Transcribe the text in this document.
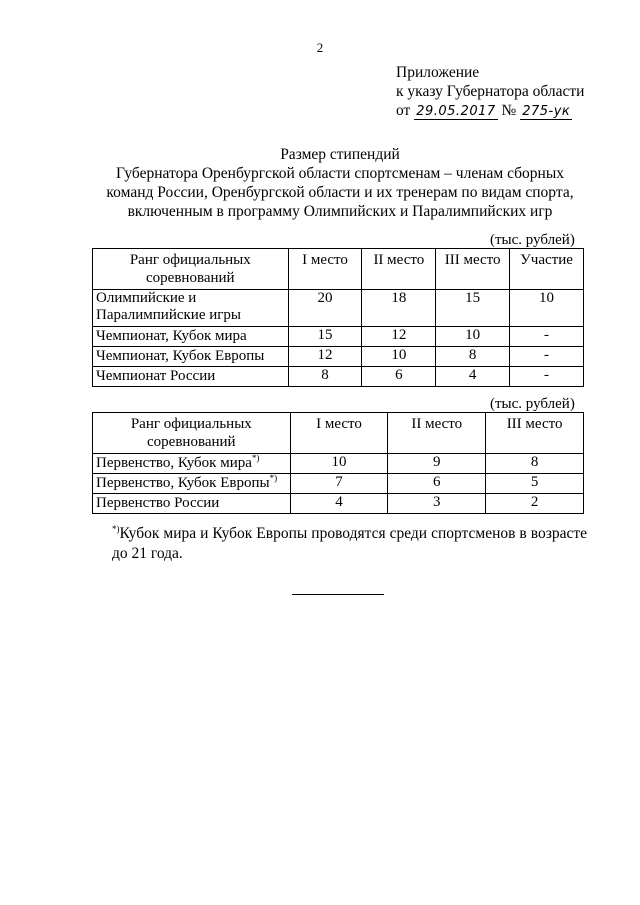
2
Приложение
к указу Губернатора области
от 29.05.2017 № 275-ук
Размер стипендий
Губернатора Оренбургской области спортсменам – членам сборных
команд России, Оренбургской области и их тренерам по видам спорта,
включенным в программу Олимпийских и Паралимпийских игр
(тыс. рублей)
Ранг официальных соревнований	I место	II место	III место	Участие
Олимпийские и Паралимпийские игры	20	18	15	10
Чемпионат, Кубок мира	15	12	10	-
Чемпионат, Кубок Европы	12	10	8	-
Чемпионат России	8	6	4	-
(тыс. рублей)
Ранг официальных соревнований	I место	II место	III место
Первенство, Кубок мира*)	10	9	8
Первенство, Кубок Европы*)	7	6	5
Первенство России	4	3	2
*)Кубок мира и Кубок Европы проводятся среди спортсменов в возрасте до 21 года.
